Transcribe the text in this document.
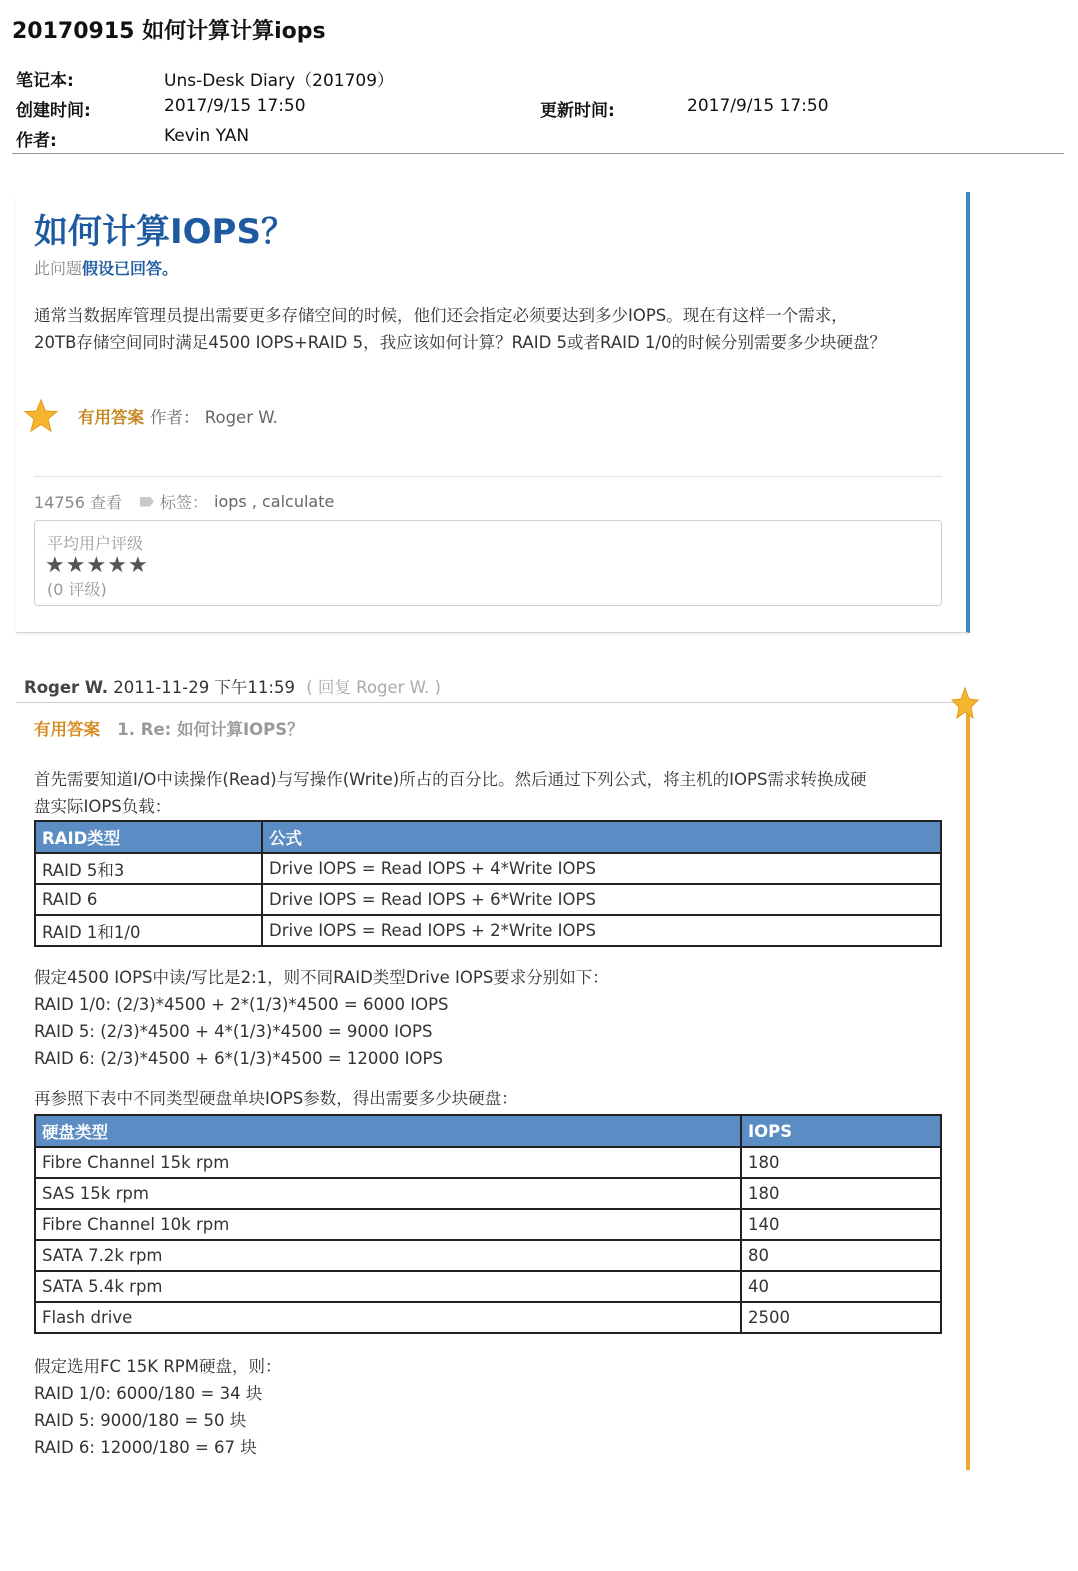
20170915 如何计算计算iops
笔记本:	Uns-Desk Diary（201709）
创建时间:	2017/9/15 17:50	更新时间:	2017/9/15 17:50
作者:	Kevin YAN
如何计算IOPS？
此问题假设已回答。
通常当数据库管理员提出需要更多存储空间的时候，他们还会指定必须要达到多少IOPS。现在有这样一个需求，
20TB存储空间同时满足4500 IOPS+RAID 5，我应该如何计算？RAID 5或者RAID 1/0的时候分别需要多少块硬盘？
有用答案 作者： Roger W.
14756 查看 标签： iops , calculate
平均用户评级
★ ★ ★ ★ ★
(0 评级)
Roger W. 2011-11-29 下午11:59 ( 回复 Roger W. )
有用答案 1. Re: 如何计算IOPS？
首先需要知道I/O中读操作(Read)与写操作(Write)所占的百分比。然后通过下列公式，将主机的IOPS需求转换成硬
盘实际IOPS负载：
RAID类型	公式
RAID 5和3	Drive IOPS = Read IOPS + 4*Write IOPS
RAID 6	Drive IOPS = Read IOPS + 6*Write IOPS
RAID 1和1/0	Drive IOPS = Read IOPS + 2*Write IOPS
假定4500 IOPS中读/写比是2:1，则不同RAID类型Drive IOPS要求分别如下：
RAID 1/0: (2/3)*4500 + 2*(1/3)*4500 = 6000 IOPS
RAID 5: (2/3)*4500 + 4*(1/3)*4500 = 9000 IOPS
RAID 6: (2/3)*4500 + 6*(1/3)*4500 = 12000 IOPS
再参照下表中不同类型硬盘单块IOPS参数，得出需要多少块硬盘：
硬盘类型	IOPS
Fibre Channel 15k rpm	180
SAS 15k rpm	180
Fibre Channel 10k rpm	140
SATA 7.2k rpm	80
SATA 5.4k rpm	40
Flash drive	2500
假定选用FC 15K RPM硬盘，则：
RAID 1/0: 6000/180 = 34 块
RAID 5: 9000/180 = 50 块
RAID 6: 12000/180 = 67 块
